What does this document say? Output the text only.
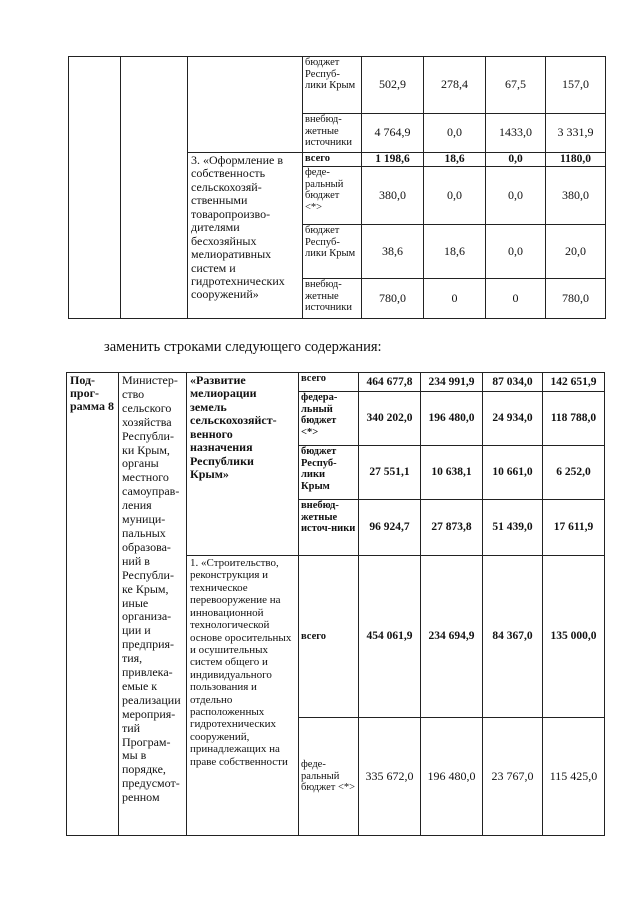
			бюджет Респуб-лики Крым	502,9	278,4	67,5	157,0
			внебюд-жетные источники	4 764,9	0,0	1433,0	3 331,9
		3. «Оформление в собственность сельскохозяй-ственными товаропроизво-дителями бесхозяйных мелиоративных систем и гидротехнических сооружений»	всего	1 198,6	18,6	0,0	1180,0
			феде-ральный бюджет <*>	380,0	0,0	0,0	380,0
			бюджет Респуб-лики Крым	38,6	18,6	0,0	20,0
			внебюд-жетные источники	780,0	0	0	780,0
заменить строками следующего содержания:
Под-прог-рамма 8	Министер-ство сельского хозяйства Республи-ки Крым, органы местного самоуправ-ления муници-пальных образова-ний в Республи-ке Крым, иные организа-ции и предприя-тия, привлека-емые к реализации мероприя-тий Програм-мы в порядке, предусмот-ренном	«Развитие мелиорации земель сельскохозяйст-венного назначения Республики Крым»	всего	464 677,8	234 991,9	87 034,0	142 651,9
			федера-льный бюджет <*>	340 202,0	196 480,0	24 934,0	118 788,0
			бюджет Респуб-лики Крым	27 551,1	10 638,1	10 661,0	6 252,0
			внебюд-жетные источ-ники	96 924,7	27 873,8	51 439,0	17 611,9
		1. «Строительство, реконструкция и техническое перевооружение на инновационной технологической основе оросительных и осушительных систем общего и индивидуального пользования и отдельно расположенных гидротехнических сооружений, принадлежащих на праве собственности	всего	454 061,9	234 694,9	84 367,0	135 000,0
			феде-ральный бюджет <*>	335 672,0	196 480,0	23 767,0	115 425,0
